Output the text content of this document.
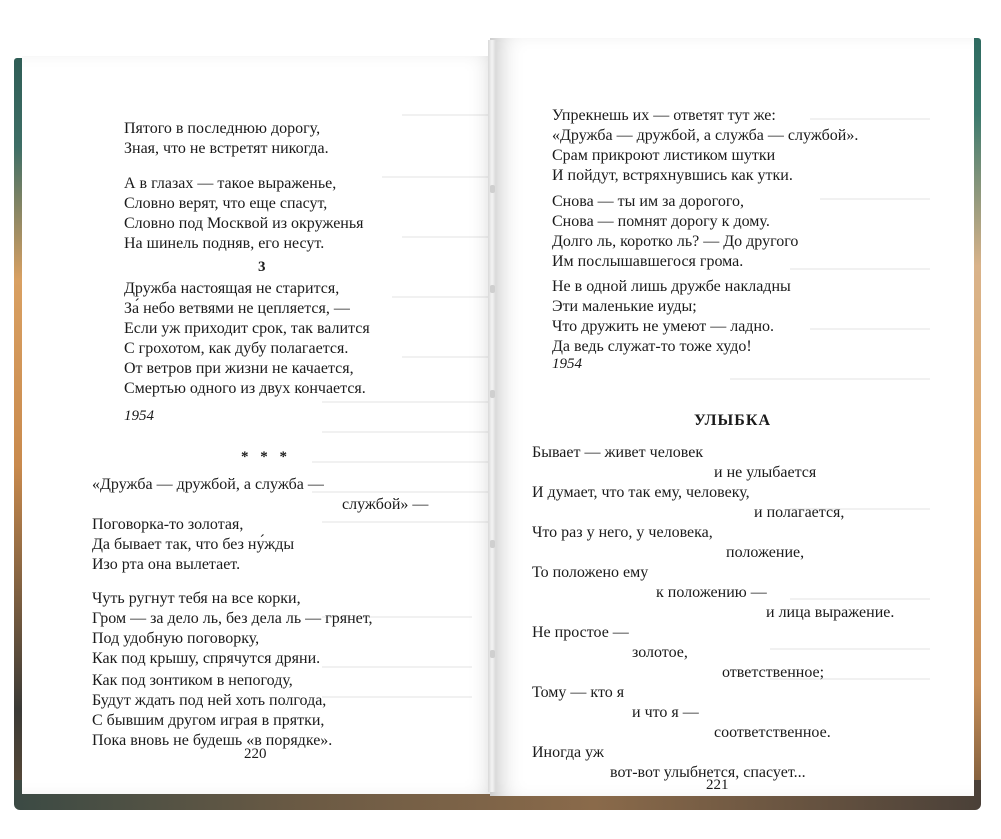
Пятого в последнюю дорогу,
Зная, что не встретят никогда.
А в глазах — такое выраженье,
Словно верят, что еще спасут,
Словно под Москвой из окруженья
На шинель подняв, его несут.
3
Дружба настоящая не старится,
За́ небо ветвями не цепляется, —
Если уж приходит срок, так валится
С грохотом, как дубу полагается.
От ветров при жизни не качается,
Смертью одного из двух кончается.
1954
* * *
«Дружба — дружбой, а служба —
службой» —
Поговорка-то золотая,
Да бывает так, что без ну́жды
Изо рта она вылетает.
Чуть ругнут тебя на все корки,
Гром — за дело ль, без дела ль — грянет,
Под удобную поговорку,
Как под крышу, спрячутся дряни.
Как под зонтиком в непогоду,
Будут ждать под ней хоть полгода,
С бывшим другом играя в прятки,
Пока вновь не будешь «в порядке».
220
Упрекнешь их — ответят тут же:
«Дружба — дружбой, а служба — службой».
Срам прикроют листиком шутки
И пойдут, встряхнувшись как утки.
Снова — ты им за дорогого,
Снова — помнят дорогу к дому.
Долго ль, коротко ль? — До другого
Им послышавшегося грома.
Не в одной лишь дружбе накладны
Эти маленькие иуды;
Что дружить не умеют — ладно.
Да ведь служат-то тоже худо!
1954
УЛЫБКА
Бывает — живет человек
и не улыбается
И думает, что так ему, человеку,
и полагается,
Что раз у него, у человека,
положение,
То положено ему
к положению —
и лица выражение.
Не простое —
золотое,
ответственное;
Тому — кто я
и что я —
соответственное.
Иногда уж
вот-вот улыбнется, спасует...
221
